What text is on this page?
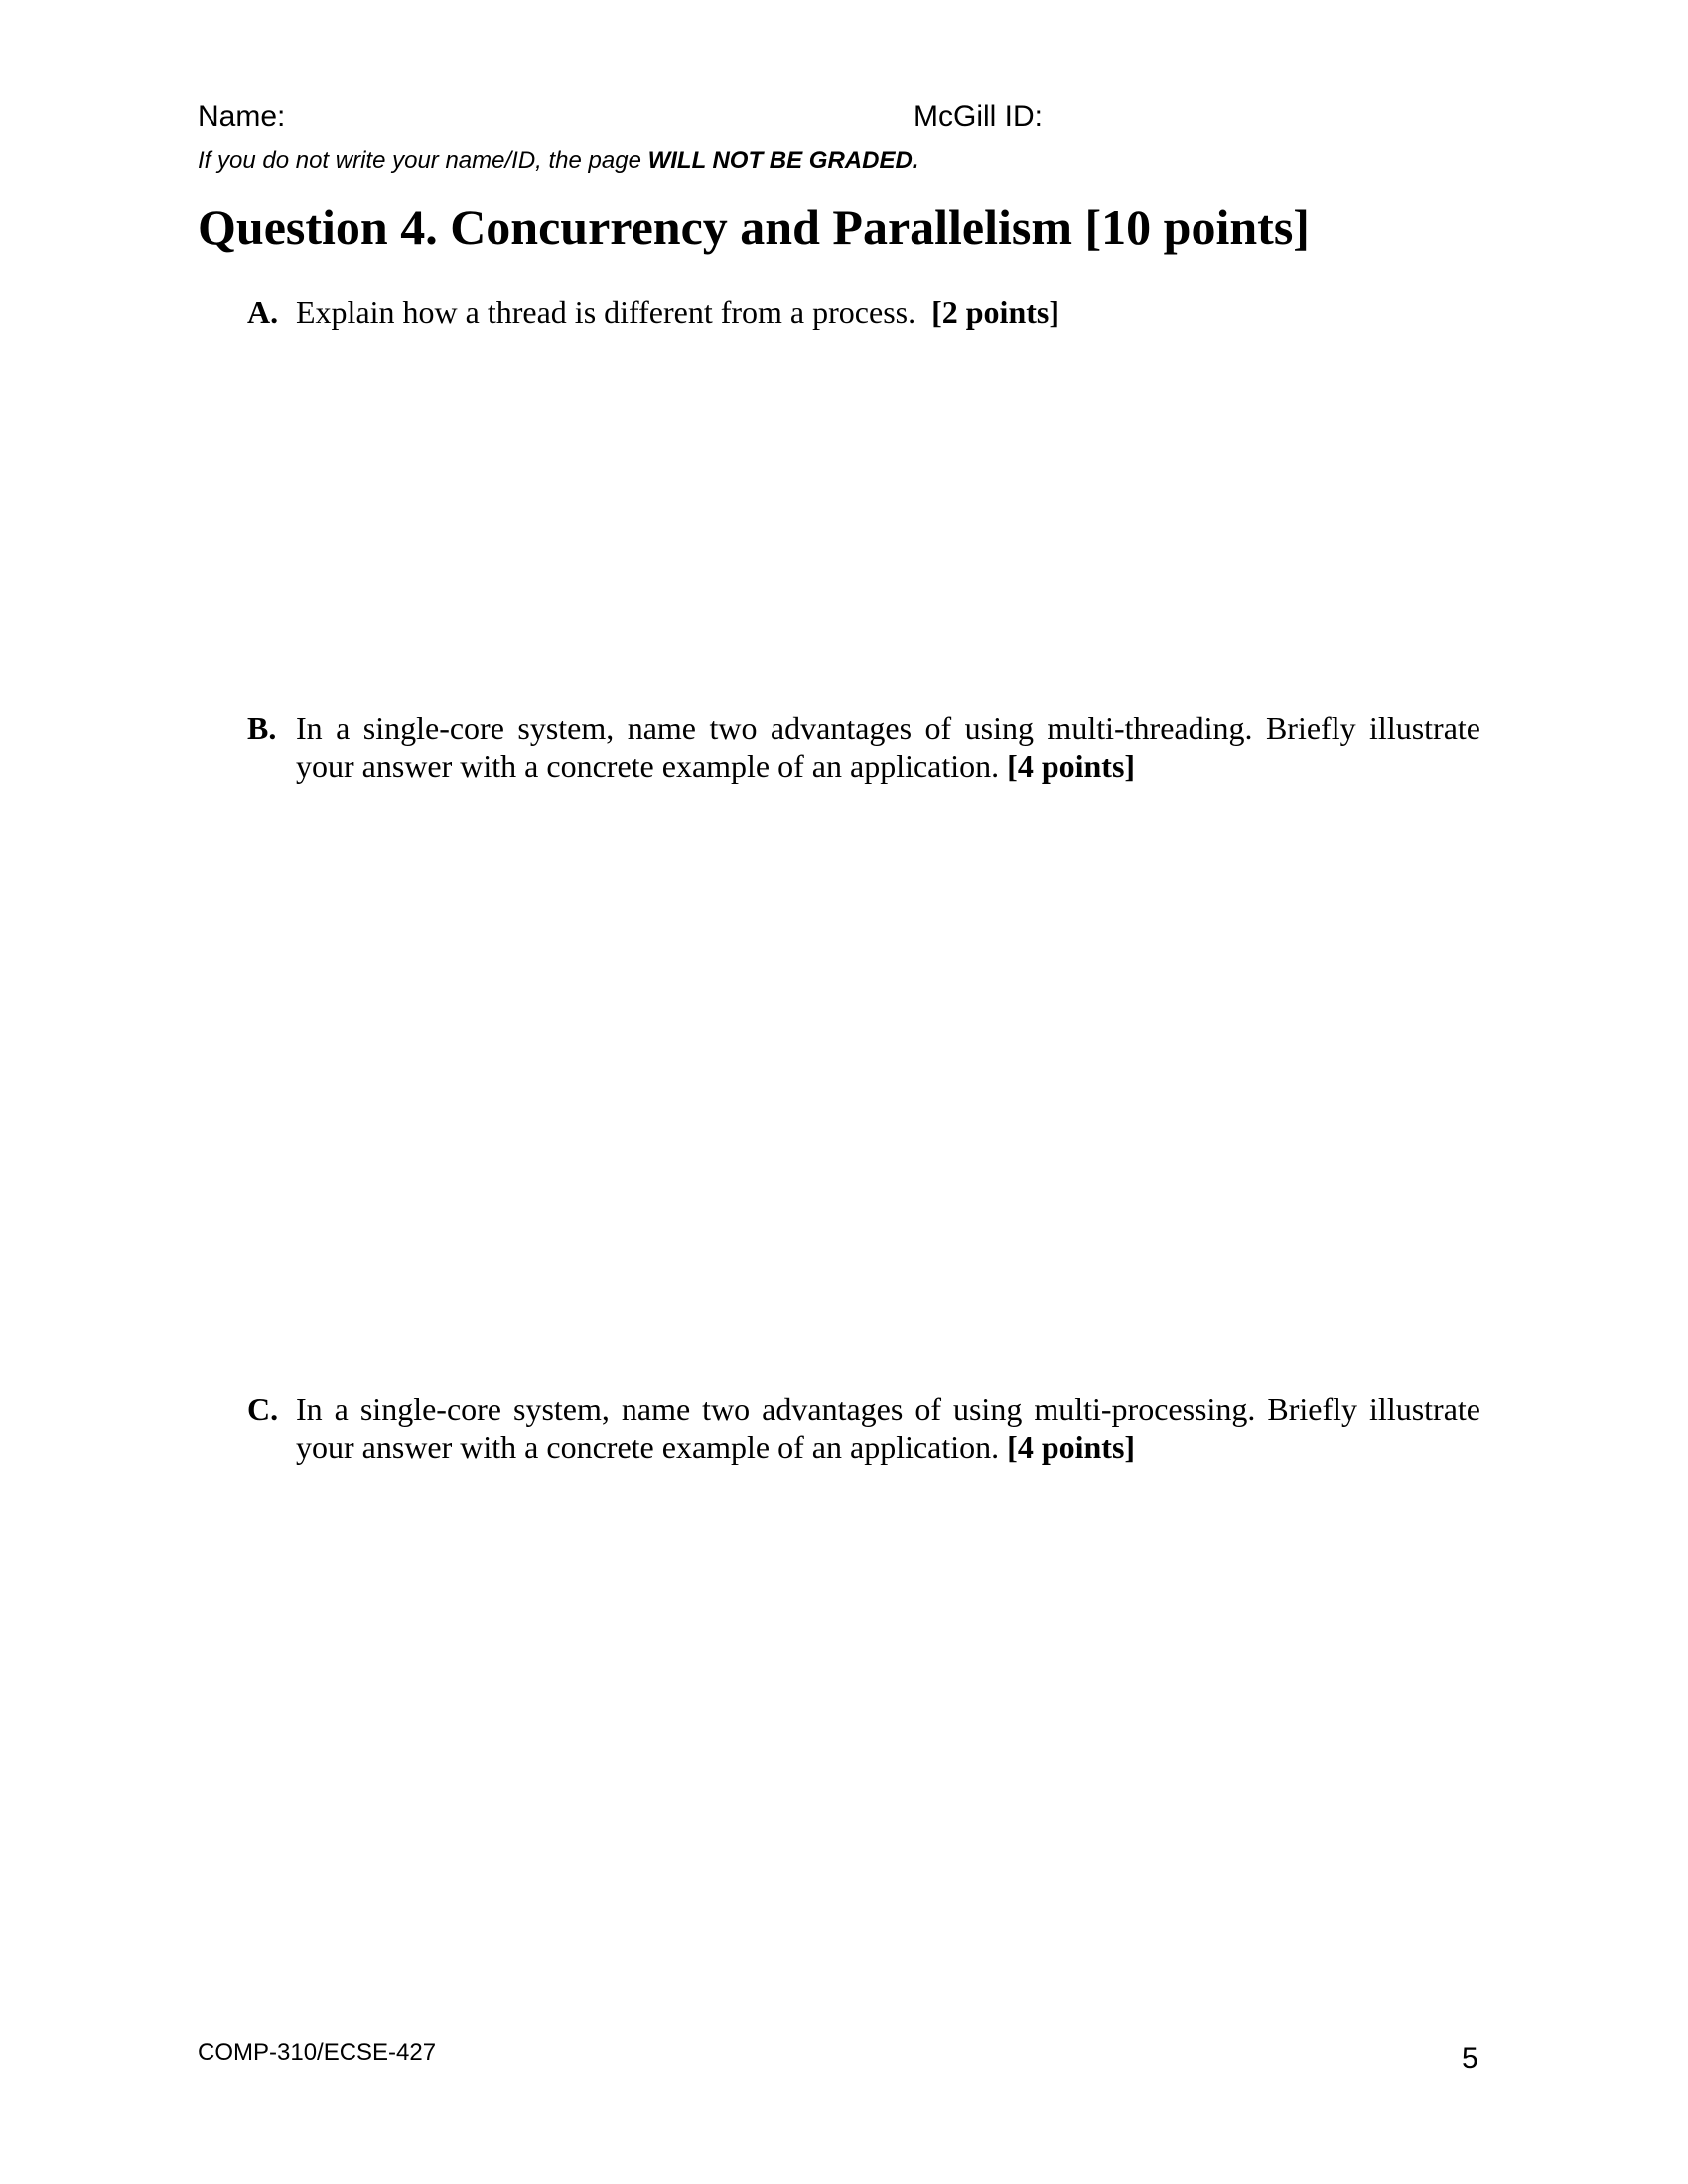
Name:	McGill ID:
If you do not write your name/ID, the page WILL NOT BE GRADED.
Question 4. Concurrency and Parallelism [10 points]
A. Explain how a thread is different from a process. [2 points]
B. In a single-core system, name two advantages of using multi-threading. Briefly illustrate your answer with a concrete example of an application. [4 points]
C. In a single-core system, name two advantages of using multi-processing. Briefly illustrate your answer with a concrete example of an application. [4 points]
COMP-310/ECSE-427	5
